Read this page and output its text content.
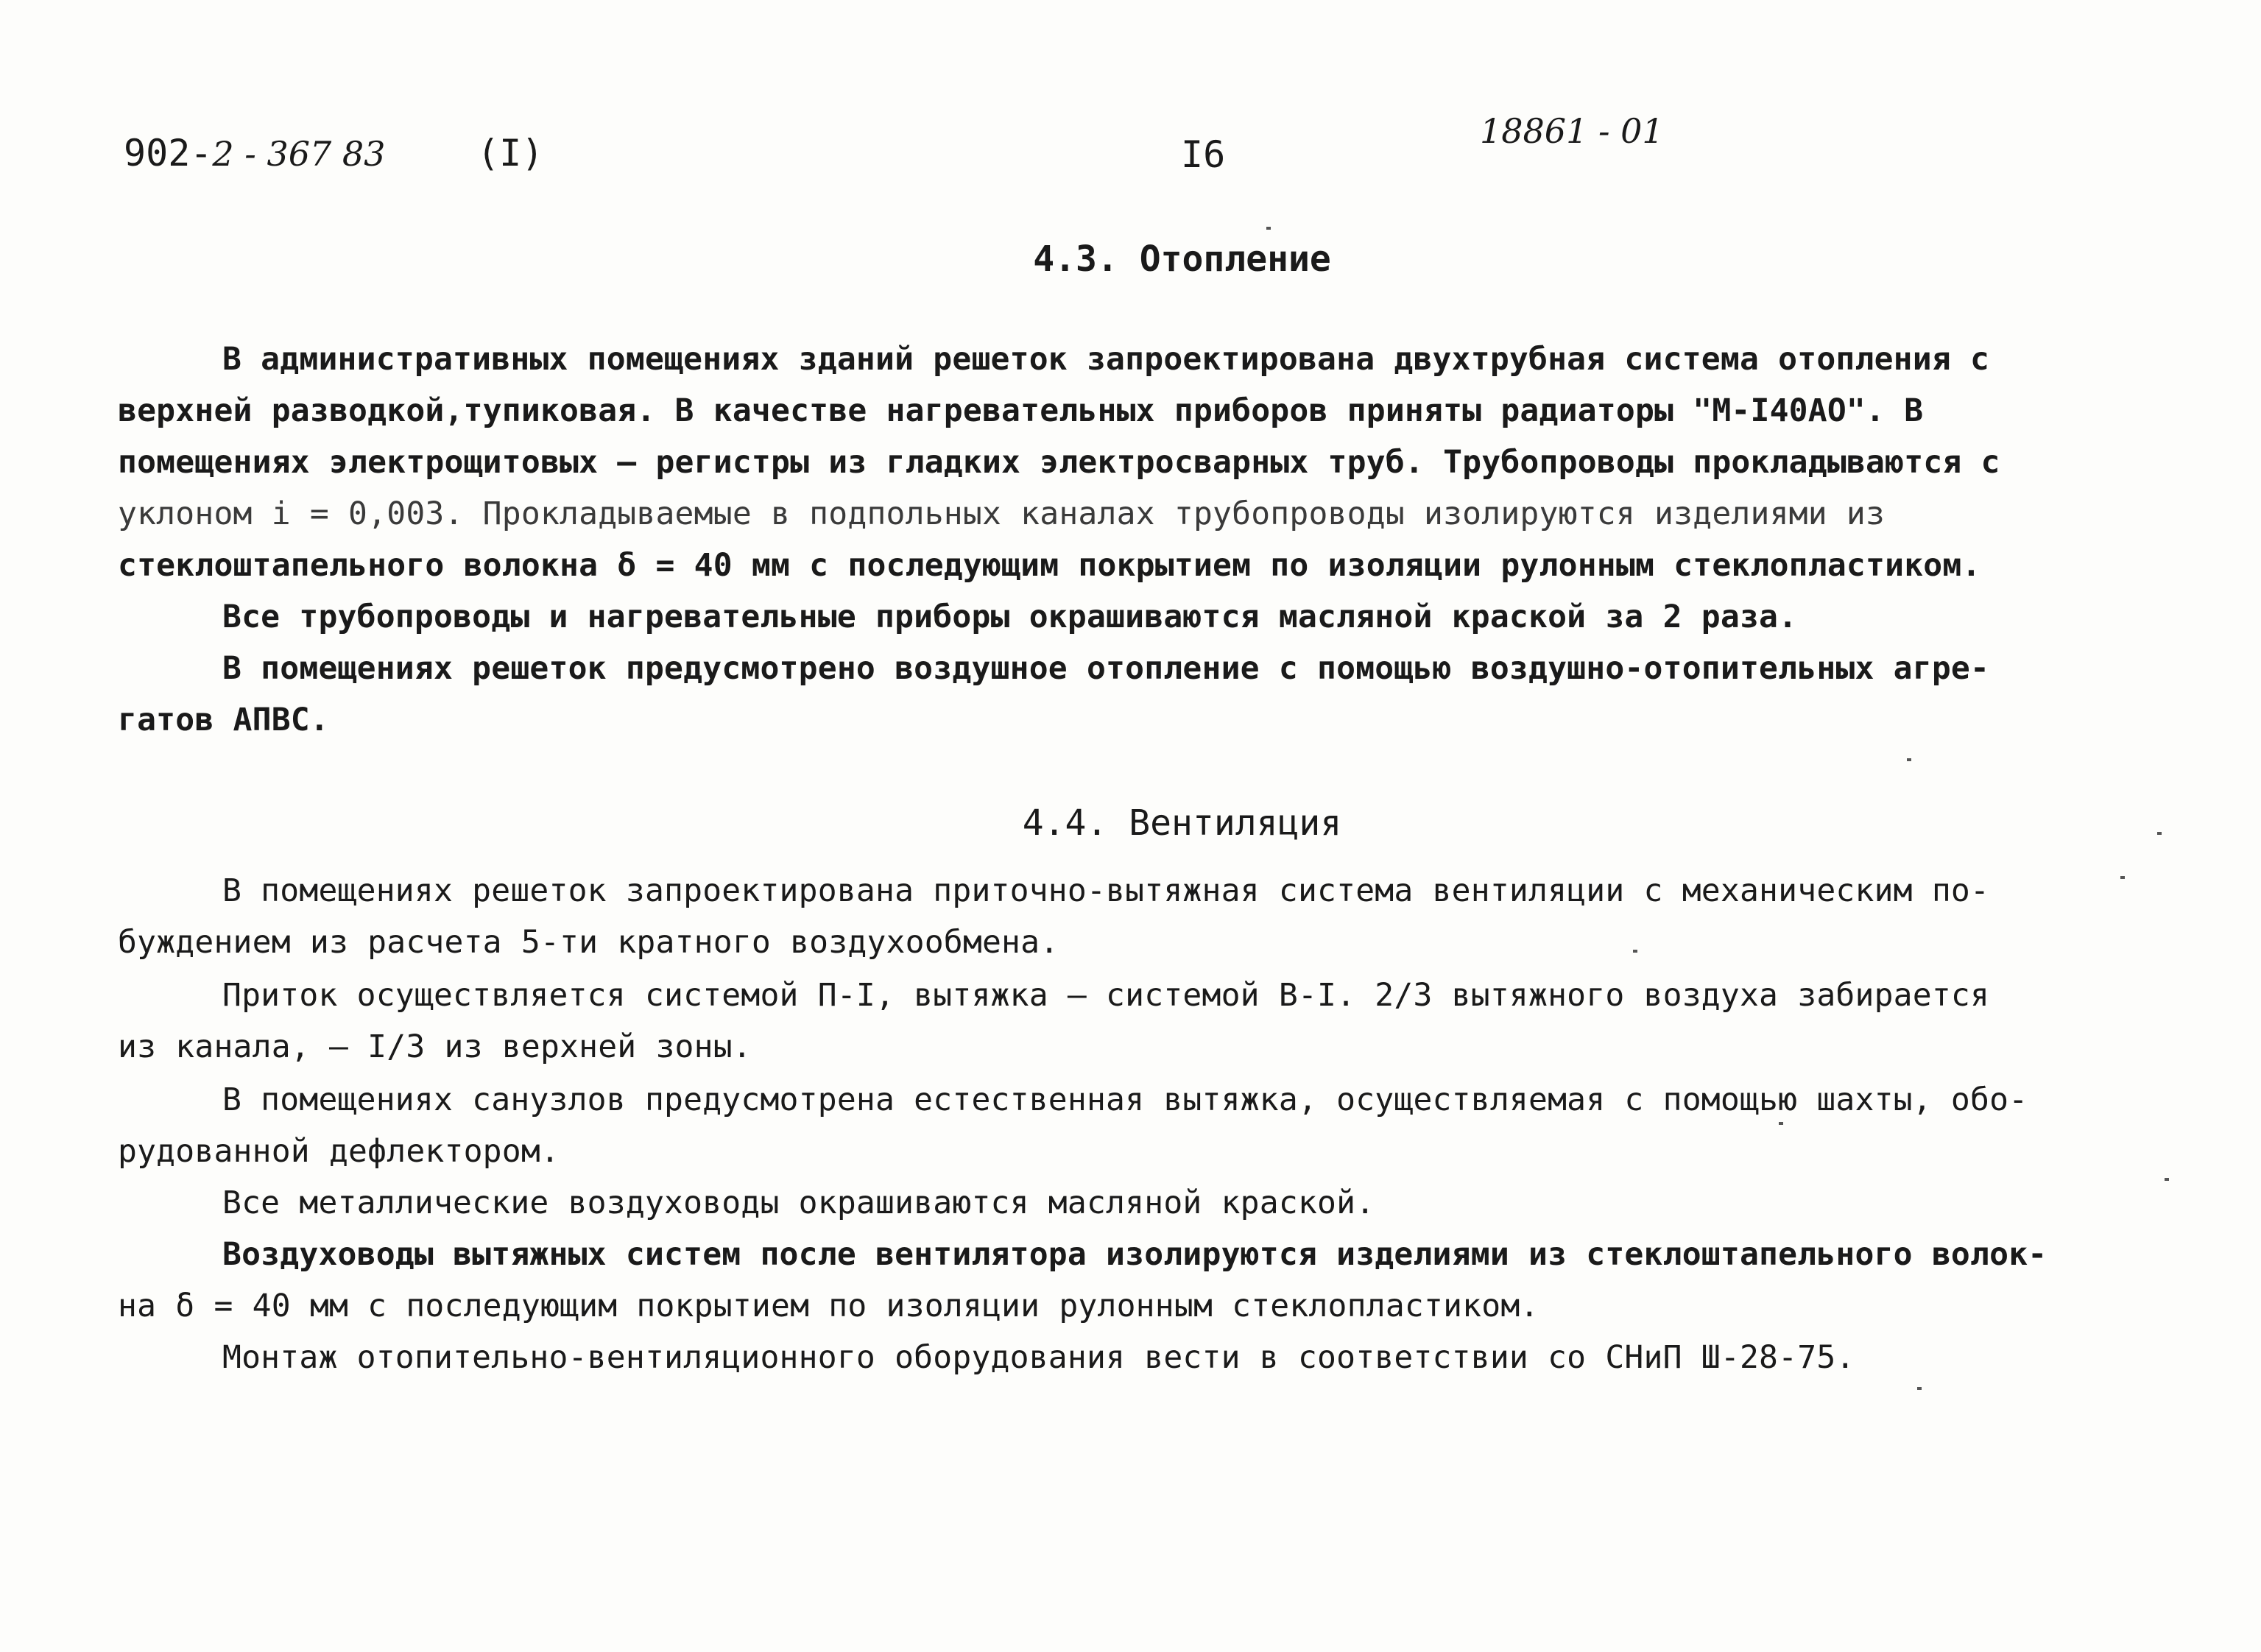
902-2 - 367 83 (I)	I6
18861 - 01
4.3. Отопление
В административных помещениях зданий решеток запроектирована двухтрубная система отопления с
верхней разводкой,тупиковая. В качестве нагревательных приборов приняты радиаторы "М-I40АО". В
помещениях электрощитовых – регистры из гладких электросварных труб. Трубопроводы прокладываются с
уклоном i = 0,003. Прокладываемые в подпольных каналах трубопроводы изолируются изделиями из
стеклоштапельного волокна δ = 40 мм с последующим покрытием по изоляции рулонным стеклопластиком.
Все трубопроводы и нагревательные приборы окрашиваются масляной краской за 2 раза.
В помещениях решеток предусмотрено воздушное отопление с помощью воздушно-отопительных агре-
гатов АПВС.
4.4. Вентиляция
В помещениях решеток запроектирована приточно-вытяжная система вентиляции с механическим по-
буждением из расчета 5-ти кратного воздухообмена.
Приток осуществляется системой П-I, вытяжка – системой В-I. 2/3 вытяжного воздуха забирается
из канала, – I/3 из верхней зоны.
В помещениях санузлов предусмотрена естественная вытяжка, осуществляемая с помощью шахты, обо-
рудованной дефлектором.
Все металлические воздуховоды окрашиваются масляной краской.
Воздуховоды вытяжных систем после вентилятора изолируются изделиями из стеклоштапельного волок-
на δ = 40 мм с последующим покрытием по изоляции рулонным стеклопластиком.
Монтаж отопительно-вентиляционного оборудования вести в соответствии со СНиП Ш-28-75.
